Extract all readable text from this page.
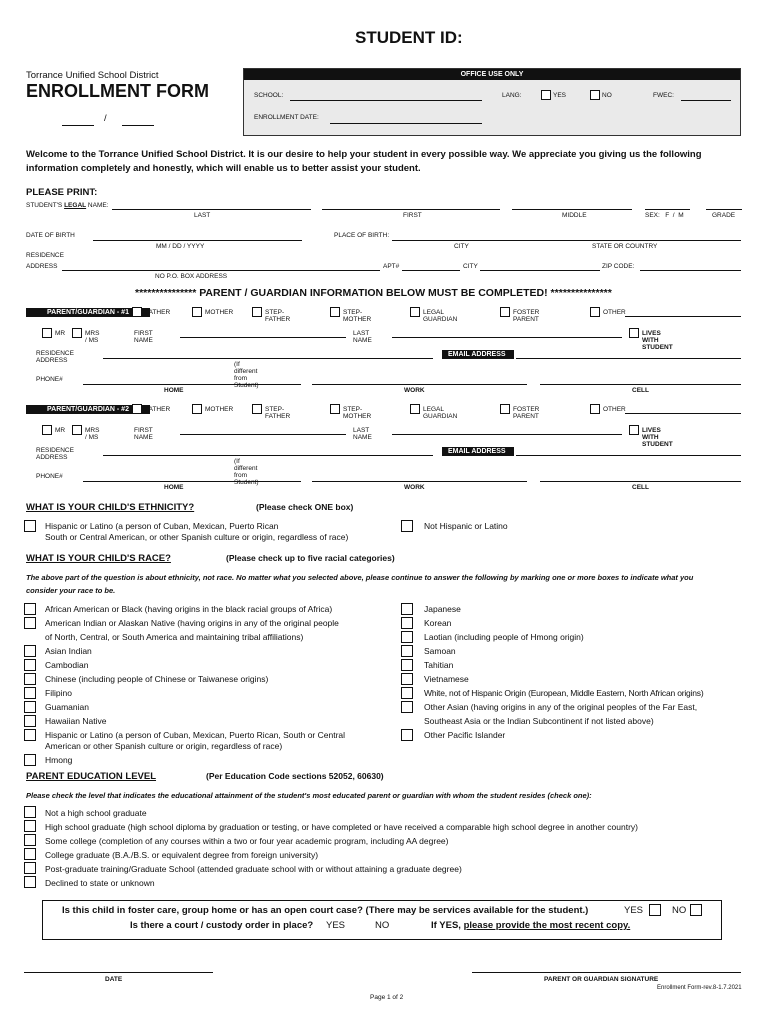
STUDENT ID:
Torrance Unified School District
ENROLLMENT FORM
/
OFFICE USE ONLY
SCHOOL:	LANG:	YES	NO	FWEC:
ENROLLMENT DATE:
Welcome to the Torrance Unified School District. It is our desire to help your student in every possible way. We appreciate you giving us the following information completely and honestly, which will enable us to better assist your student.
PLEASE PRINT:
STUDENT'S LEGAL NAME:
LAST	FIRST	MIDDLE	SEX:   F  /  M	GRADE
DATE OF BIRTH
MM / DD / YYYY
PLACE OF BIRTH:
CITY	STATE OR COUNTRY
RESIDENCE
ADDRESS	APT#	CITY	ZIP CODE:
NO P.O. BOX ADDRESS
*************** PARENT / GUARDIAN INFORMATION BELOW MUST BE COMPLETED! ***************
PARENT/GUARDIAN - #1	FATHER	MOTHER	STEP-FATHER
STEP-MOTHER
LEGAL GUARDIAN
FOSTER PARENT
OTHER
MR	MRS / MS
FIRST NAME
LAST NAME
LIVES WITH STUDENT
RESIDENCE ADDRESS
EMAIL ADDRESS
(If different from Student)
PHONE#
HOME	WORK	CELL
PARENT/GUARDIAN - #2	FATHER	MOTHER	STEP-FATHER
STEP-MOTHER
LEGAL GUARDIAN
FOSTER PARENT
OTHER
MR	MRS / MS
FIRST NAME
LAST NAME
LIVES WITH STUDENT
RESIDENCE ADDRESS
EMAIL ADDRESS
(If different from Student)
PHONE#
HOME	WORK	CELL
WHAT IS YOUR CHILD'S ETHNICITY?	(Please check ONE box)
Hispanic or Latino (a person of Cuban, Mexican, Puerto Rican
South or Central American, or other Spanish culture or origin, regardless of race)
Not Hispanic or Latino
WHAT IS YOUR CHILD'S RACE?	(Please check up to five racial categories)
The above part of the question is about ethnicity, not race. No matter what you selected above, please continue to answer the following by marking one or more boxes to indicate what you consider your race to be.
African American or Black (having origins in the black racial groups of Africa)
American Indian or Alaskan Native (having origins in any of the original people
of North, Central, or South America and maintaining tribal affiliations)
Asian Indian
Cambodian
Chinese (including people of Chinese or Taiwanese origins)
Filipino
Guamanian
Hawaiian Native
Hispanic or Latino (a person of Cuban, Mexican, Puerto Rican, South or Central
American or other Spanish culture or origin, regardless of race)
Hmong
Japanese
Korean
Laotian (including people of Hmong origin)
Samoan
Tahitian
Vietnamese
White, not of Hispanic Origin (European, Middle Eastern, North African origins)
Other Asian (having origins in any of the original peoples of the Far East,
Southeast Asia or the Indian Subcontinent if not listed above)
Other Pacific Islander
PARENT EDUCATION LEVEL	(Per Education Code sections 52052, 60630)
Please check the level that indicates the educational attainment of the student's most educated parent or guardian with whom the student resides (check one):
Not a high school graduate
High school graduate (high school diploma by graduation or testing, or have completed or have received a comparable high school degree in another country)
Some college (completion of any courses within a two or four year academic program, including AA degree)
College graduate (B.A./B.S. or equivalent degree from foreign university)
Post-graduate training/Graduate School (attended graduate school with or without attaining a graduate degree)
Declined to state or unknown
Is this child in foster care, group home or has an open court case? (There may be services available for the student.)	YES	NO
Is there a court / custody order in place? YES	NO	If YES, please provide the most recent copy.
DATE	PARENT OR GUARDIAN SIGNATURE
Enrollment Form-rev.8-1.7.2021
Page 1 of 2
